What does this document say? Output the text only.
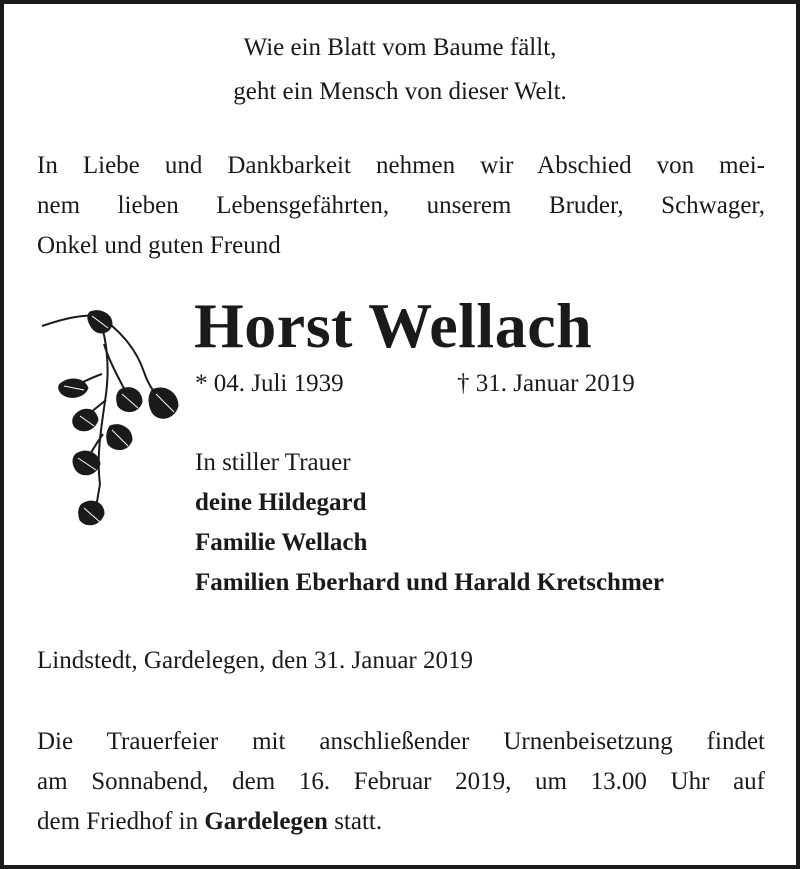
Wie ein Blatt vom Baume fällt,
geht ein Mensch von dieser Welt.
In Liebe und Dankbarkeit nehmen wir Abschied von mei-
nem lieben Lebensgefährten, unserem Bruder, Schwager,
Onkel und guten Freund
Horst Wellach
* 04. Juli 1939	† 31. Januar 2019
In stiller Trauer
deine Hildegard
Familie Wellach
Familien Eberhard und Harald Kretschmer
Lindstedt, Gardelegen, den 31. Januar 2019
Die Trauerfeier mit anschließender Urnenbeisetzung findet
am Sonnabend, dem 16. Februar 2019, um 13.00 Uhr auf
dem Friedhof in Gardelegen statt.
